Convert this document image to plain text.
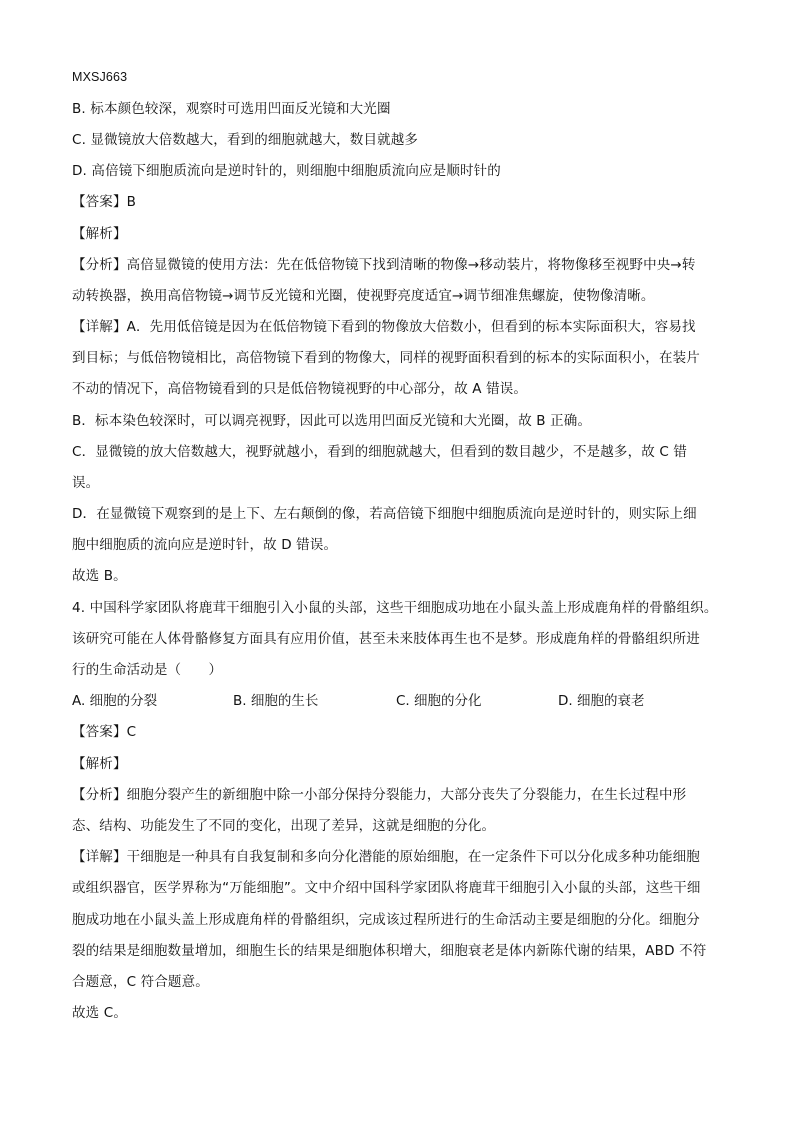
MXSJ663
B. 标本颜色较深，观察时可选用凹面反光镜和大光圈
C. 显微镜放大倍数越大，看到的细胞就越大，数目就越多
D. 高倍镜下细胞质流向是逆时针的，则细胞中细胞质流向应是顺时针的
【答案】B
【解析】
【分析】高倍显微镜的使用方法：先在低倍物镜下找到清晰的物像→移动装片，将物像移至视野中央→转
动转换器，换用高倍物镜→调节反光镜和光圈，使视野亮度适宜→调节细准焦螺旋，使物像清晰。
【详解】A．先用低倍镜是因为在低倍物镜下看到的物像放大倍数小，但看到的标本实际面积大，容易找
到目标；与低倍物镜相比，高倍物镜下看到的物像大，同样的视野面积看到的标本的实际面积小，在装片
不动的情况下，高倍物镜看到的只是低倍物镜视野的中心部分，故 A 错误。
B．标本染色较深时，可以调亮视野，因此可以选用凹面反光镜和大光圈，故 B 正确。
C．显微镜的放大倍数越大，视野就越小，看到的细胞就越大，但看到的数目越少，不是越多，故 C 错
误。
D．在显微镜下观察到的是上下、左右颠倒的像，若高倍镜下细胞中细胞质流向是逆时针的，则实际上细
胞中细胞质的流向应是逆时针，故 D 错误。
故选 B。
4. 中国科学家团队将鹿茸干细胞引入小鼠的头部，这些干细胞成功地在小鼠头盖上形成鹿角样的骨骼组织。
该研究可能在人体骨骼修复方面具有应用价值，甚至未来肢体再生也不是梦。形成鹿角样的骨骼组织所进
行的生命活动是（　　）
A. 细胞的分裂	B. 细胞的生长	C. 细胞的分化	D. 细胞的衰老
【答案】C
【解析】
【分析】细胞分裂产生的新细胞中除一小部分保持分裂能力，大部分丧失了分裂能力，在生长过程中形
态、结构、功能发生了不同的变化，出现了差异，这就是细胞的分化。
【详解】干细胞是一种具有自我复制和多向分化潜能的原始细胞，在一定条件下可以分化成多种功能细胞
或组织器官，医学界称为“万能细胞”。文中介绍中国科学家团队将鹿茸干细胞引入小鼠的头部，这些干细
胞成功地在小鼠头盖上形成鹿角样的骨骼组织，完成该过程所进行的生命活动主要是细胞的分化。细胞分
裂的结果是细胞数量增加，细胞生长的结果是细胞体积增大，细胞衰老是体内新陈代谢的结果，ABD 不符
合题意，C 符合题意。
故选 C。
